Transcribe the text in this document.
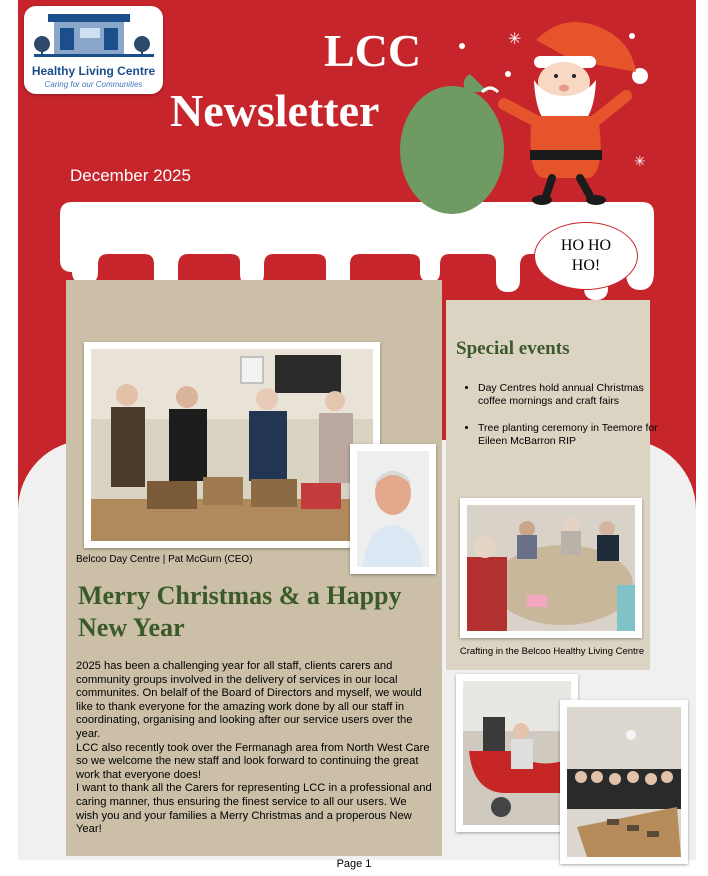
Healthy Living Centre
Caring for our Communities
LCC
Newsletter
December 2025
✳
✳
HO HO HO!
Belcoo Day Centre | Pat McGurn (CEO)
Merry Christmas & a Happy New Year

2025 has been a challenging year for all staff, clients carers and community groups involved in the delivery of services in our local communites. On belalf of the Board of Directors and myself, we would like to thank everyone for the amazing work done by all our staff in coordinating, organising and looking after our service users over the year.

LCC also recently took over the Fermanagh area from North West Care so we welcome the new staff and look forward to continuing the great work that everyone does!

I want to thank all the Carers for representing LCC in a professional and caring manner, thus ensuring the finest service to all our users. We wish you and your families a Merry Christmas and a properous New Year!

Special events
• Day Centres hold annual Christmas coffee mornings and craft fairs
• Tree planting ceremony in Teemore for Eileen McBarron RIP
Crafting in the Belcoo Healthy Living Centre
Page 1
